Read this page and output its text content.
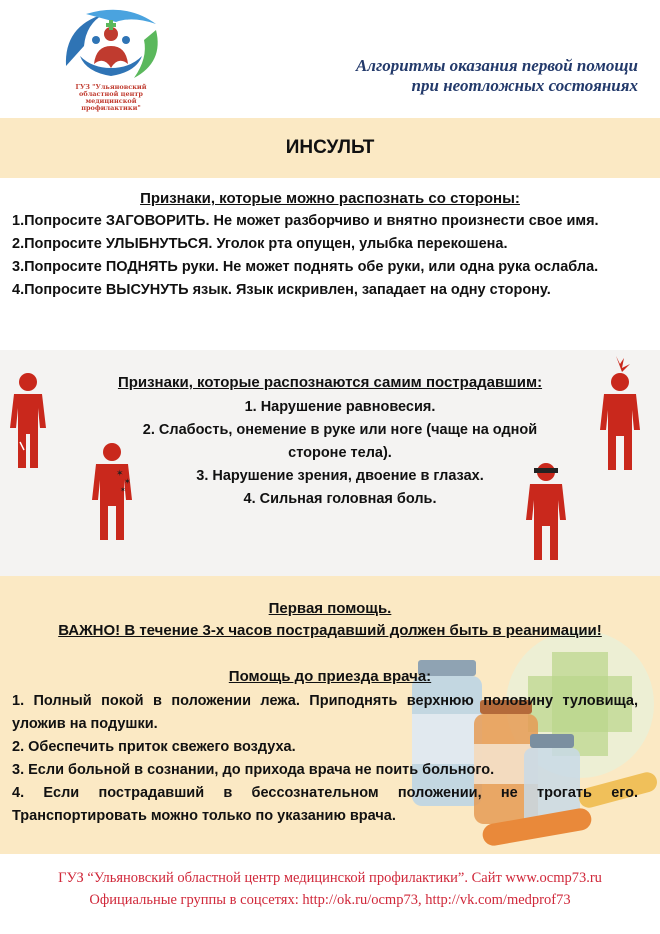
ГУЗ "Ульяновский областной центр медицинской профилактики"
Алгоритмы оказания первой помощи
при неотложных состояниях
ИНСУЛЬТ
Признаки, которые можно распознать со стороны:
1.Попросите ЗАГОВОРИТЬ. Не может разборчиво и внятно произнести свое имя.
2.Попросите УЛЫБНУТЬСЯ. Уголок рта опущен, улыбка перекошена.
3.Попросите ПОДНЯТЬ руки. Не может поднять обе руки, или одна рука ослабла.
4.Попросите ВЫСУНУТЬ язык. Язык искривлен, западает на одну сторону.
Признаки, которые распознаются самим пострадавшим:
1. Нарушение равновесия.
2. Слабость, онемение в руке или ноге (чаще на одной стороне тела).
3. Нарушение зрения, двоение в глазах.
4. Сильная головная боль.
✶
✶
✶
Первая помощь.
ВАЖНО! В течение 3-х часов пострадавший должен быть в реанимации!
Помощь до приезда врача:
1. Полный покой в положении лежа. Приподнять верхнюю половину туловища, уложив на подушки.
2. Обеспечить приток свежего воздуха.
3. Если больной в сознании, до прихода врача не поить больного.
4. Если пострадавший в бессознательном положении, не трогать его. Транспортировать можно только по указанию врача.

ГУЗ “Ульяновский областной центр медицинской профилактики”. Сайт www.ocmp73.ru

Официальные группы в соцсетях: http://ok.ru/ocmp73, http://vk.com/medprof73
